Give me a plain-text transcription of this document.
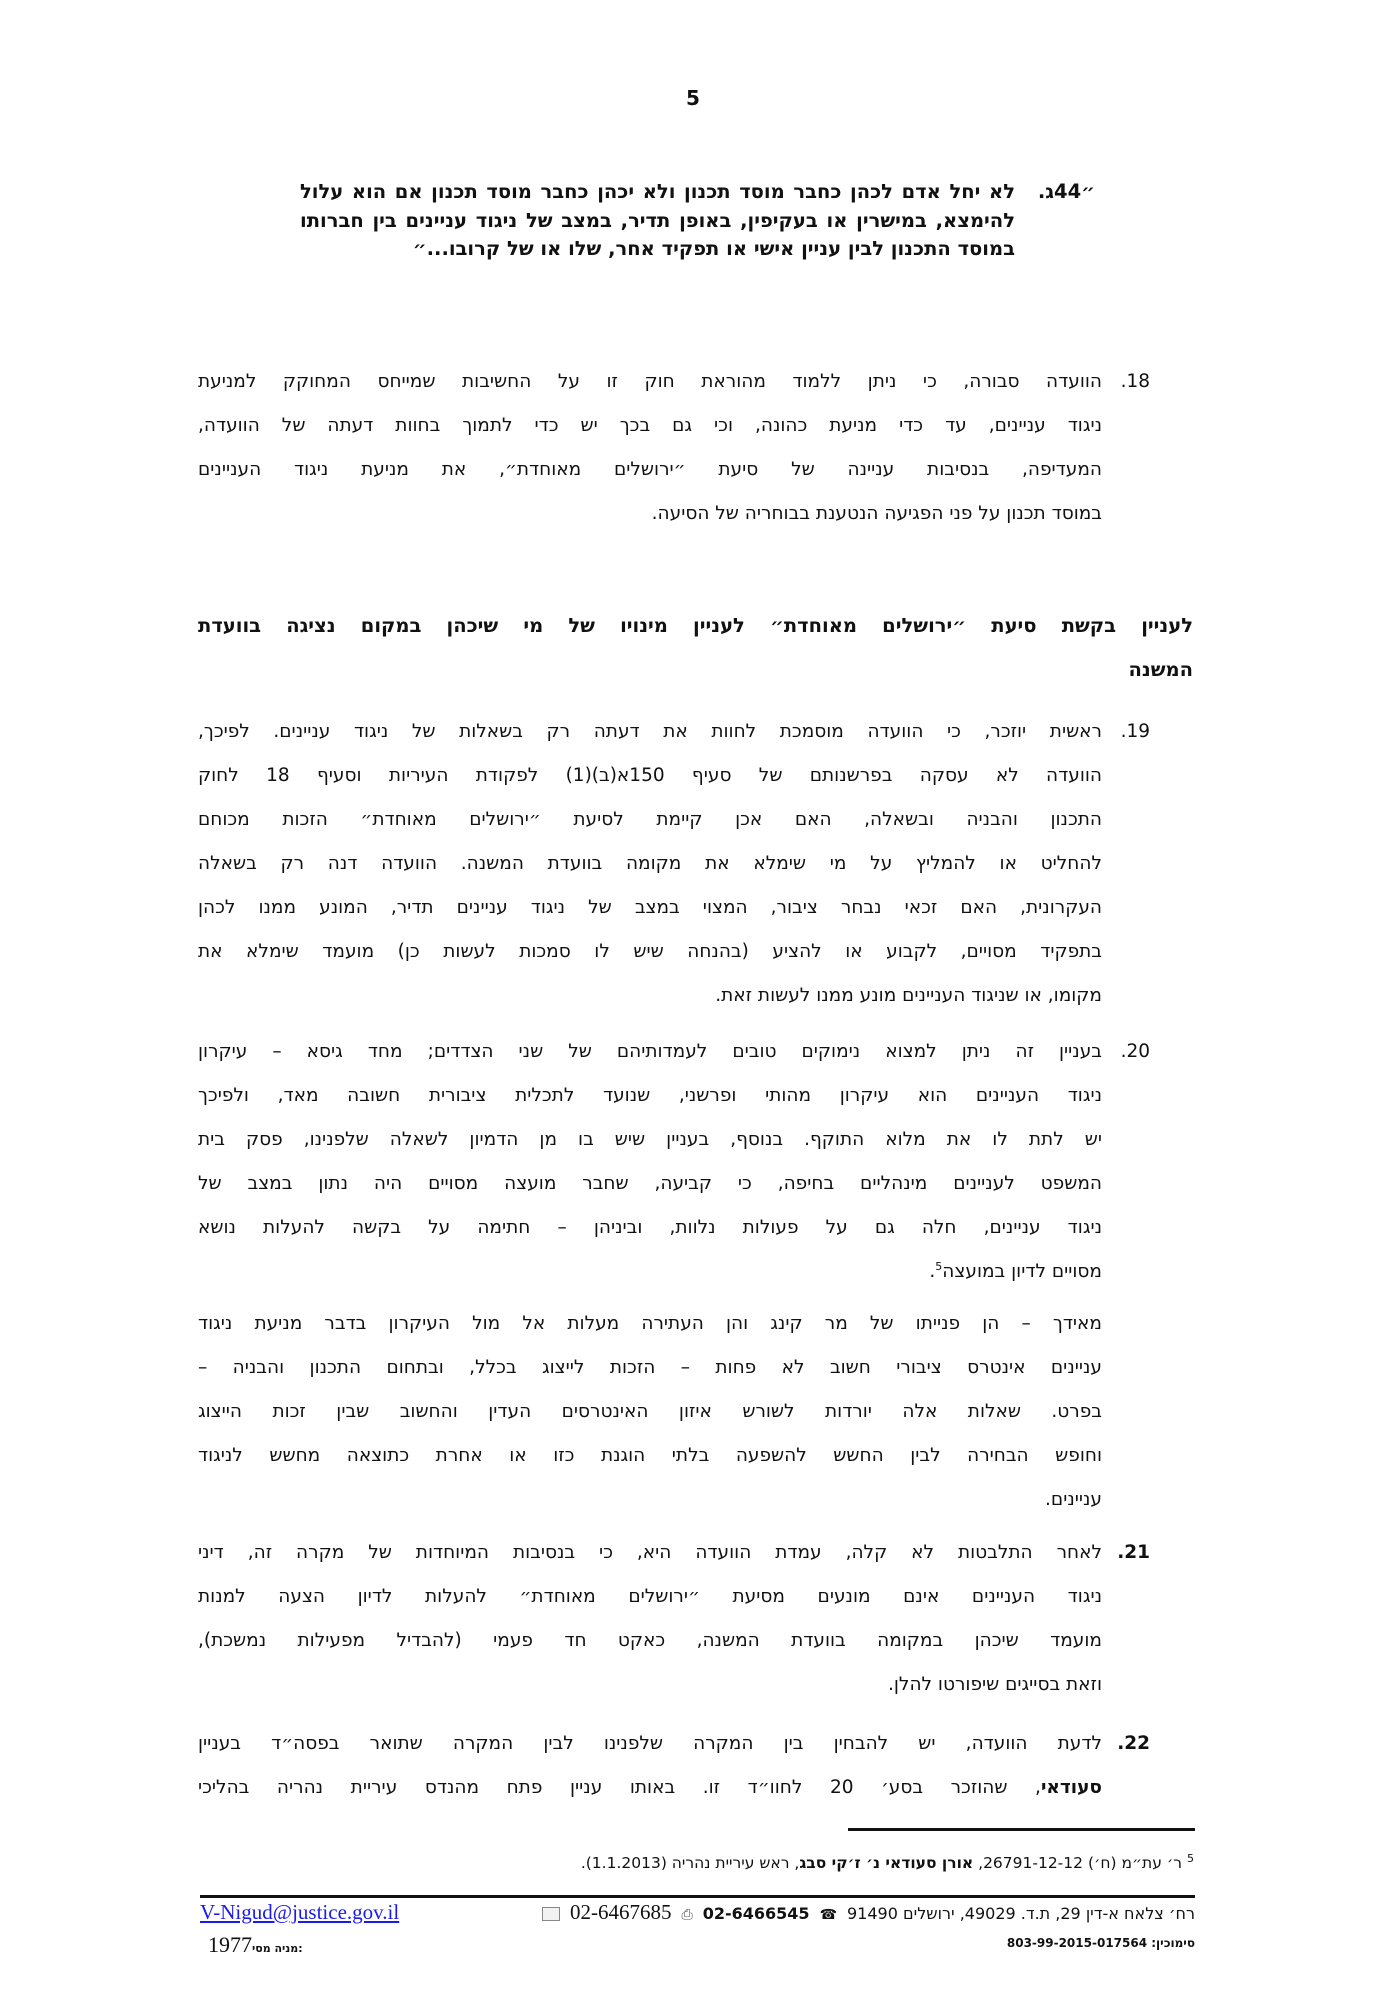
5
״44ג.
לא יחל אדם לכהן כחבר מוסד תכנון ולא יכהן כחבר מוסד תכנון אם הוא עלול להימצא, במישרין או בעקיפין, באופן תדיר, במצב של ניגוד עניינים בין חברותו במוסד התכנון לבין עניין אישי או תפקיד אחר, שלו או של קרובו...״
18.
הוועדה סבורה, כי ניתן ללמוד מהוראת חוק זו על החשיבות שמייחס המחוקק למניעת
ניגוד עניינים, עד כדי מניעת כהונה, וכי גם בכך יש כדי לתמוך בחוות דעתה של הוועדה,
המעדיפה, בנסיבות עניינה של סיעת ״ירושלים מאוחדת״, את מניעת ניגוד העניינים
במוסד תכנון על פני הפגיעה הנטענת בבוחריה של הסיעה.
לעניין בקשת סיעת ״ירושלים מאוחדת״ לעניין מינויו של מי שיכהן במקום נציגה בוועדת
המשנה
19.
ראשית יוזכר, כי הוועדה מוסמכת לחוות את דעתה רק בשאלות של ניגוד עניינים. לפיכך,
הוועדה לא עסקה בפרשנותם של סעיף 150א(ב)(1) לפקודת העיריות וסעיף 18 לחוק
התכנון והבניה ובשאלה, האם אכן קיימת לסיעת ״ירושלים מאוחדת״ הזכות מכוחם
להחליט או להמליץ על מי שימלא את מקומה בוועדת המשנה. הוועדה דנה רק בשאלה
העקרונית, האם זכאי נבחר ציבור, המצוי במצב של ניגוד עניינים תדיר, המונע ממנו לכהן
בתפקיד מסויים, לקבוע או להציע (בהנחה שיש לו סמכות לעשות כן) מועמד שימלא את
מקומו, או שניגוד העניינים מונע ממנו לעשות זאת.
20.
בעניין זה ניתן למצוא נימוקים טובים לעמדותיהם של שני הצדדים; מחד גיסא – עיקרון
ניגוד העניינים הוא עיקרון מהותי ופרשני, שנועד לתכלית ציבורית חשובה מאד, ולפיכך
יש לתת לו את מלוא התוקף. בנוסף, בעניין שיש בו מן הדמיון לשאלה שלפנינו, פסק בית
המשפט לעניינים מינהליים בחיפה, כי קביעה, שחבר מועצה מסויים היה נתון במצב של
ניגוד עניינים, חלה גם על פעולות נלוות, וביניהן – חתימה על בקשה להעלות נושא
מסויים לדיון במועצה$^5$.
מאידך – הן פנייתו של מר קינג והן העתירה מעלות אל מול העיקרון בדבר מניעת ניגוד
עניינים אינטרס ציבורי חשוב לא פחות – הזכות לייצוג בכלל, ובתחום התכנון והבניה –
בפרט. שאלות אלה יורדות לשורש איזון האינטרסים העדין והחשוב שבין זכות הייצוג
וחופש הבחירה לבין החשש להשפעה בלתי הוגנת כזו או אחרת כתוצאה מחשש לניגוד
עניינים.
21.
לאחר התלבטות לא קלה, עמדת הוועדה היא, כי בנסיבות המיוחדות של מקרה זה, דיני
ניגוד העניינים אינם מונעים מסיעת ״ירושלים מאוחדת״ להעלות לדיון הצעה למנות
מועמד שיכהן במקומה בוועדת המשנה, כאקט חד פעמי (להבדיל מפעילות נמשכת),
וזאת בסייגים שיפורטו להלן.
22.
לדעת הוועדה, יש להבחין בין המקרה שלפנינו לבין המקרה שתואר בפסה״ד בעניין
סעודאי, שהוזכר בסע׳ 20 לחוו״ד זו. באותו עניין פתח מהנדס עיריית נהריה בהליכי
$^5$ ר׳ עת״מ (ח׳) 26791-12-12, אורן סעודאי נ׳ ז׳קי סבג, ראש עיריית נהריה (1.1.2013).
רח׳ צלאח א-דין 29, ת.ד. 49029, ירושלים 91490
☎
02-6466545
⎙
02-6467685
V-Nigud@justice.gov.il
סימוכין: 803-99-2015-017564
1977מניה מסי:
